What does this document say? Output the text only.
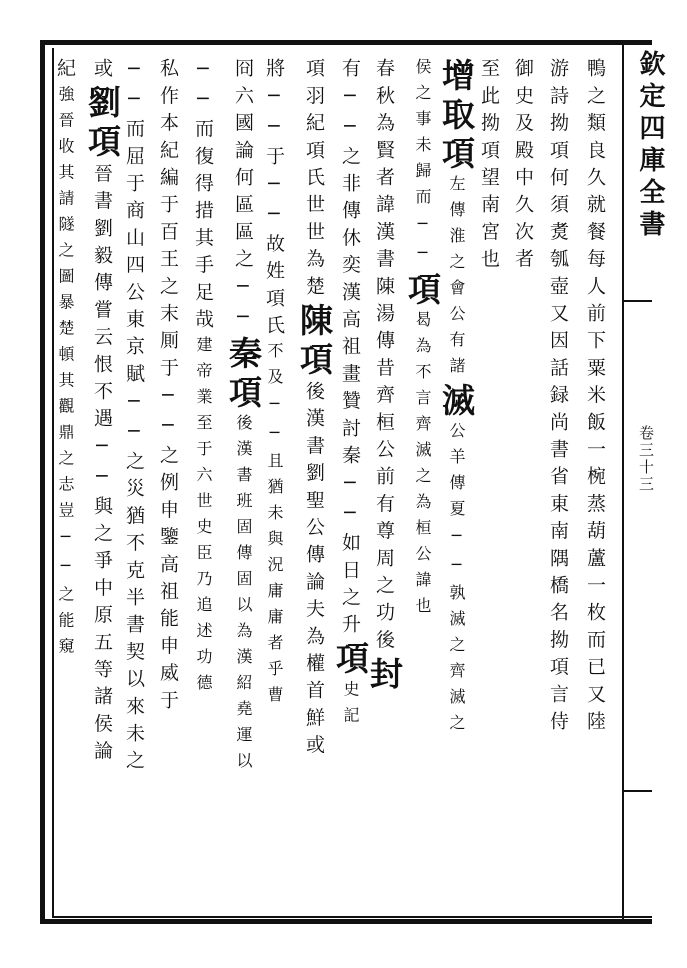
欽定四庫全書
卷三十三
鴨之類良久就餐每人前下粟米飯一椀蒸葫蘆一枚而已又陸
游詩拗項何須煑瓠壺又因話録尚書省東南隅橋名拗項言侍
御史及殿中久次者
至此拗項望南宮也
增取項左傳淮之會公有諸滅公羊傳夏──孰滅之齊滅之
侯之事未歸而──項曷為不言齊滅之為桓公諱也
春秋為賢者諱漢書陳湯傳昔齊桓公前有尊周之功後封
有──之非傳休奕漢高祖畫贊討秦──如日之升項史記
項羽紀項氏世世為楚陳項後漢書劉聖公傳論夫為權首鮮或
將──于──故姓項氏不及──且猶未與況庸庸者乎曹
冏六國論何區區之──秦項後漢書班固傳固以為漢紹堯運以
──而復得措其手足哉建帝業至于六世史臣乃追述功德
私作本紀編于百王之末厠于──之例申鑒高祖能申威于
──而屈于商山四公東京賦──之災猶不克半書契以來未之
或劉項晉書劉毅傳嘗云恨不遇──與之爭中原五等諸侯論
紀強晉收其請隧之圖暴楚頓其觀鼎之志豈──之能窺
